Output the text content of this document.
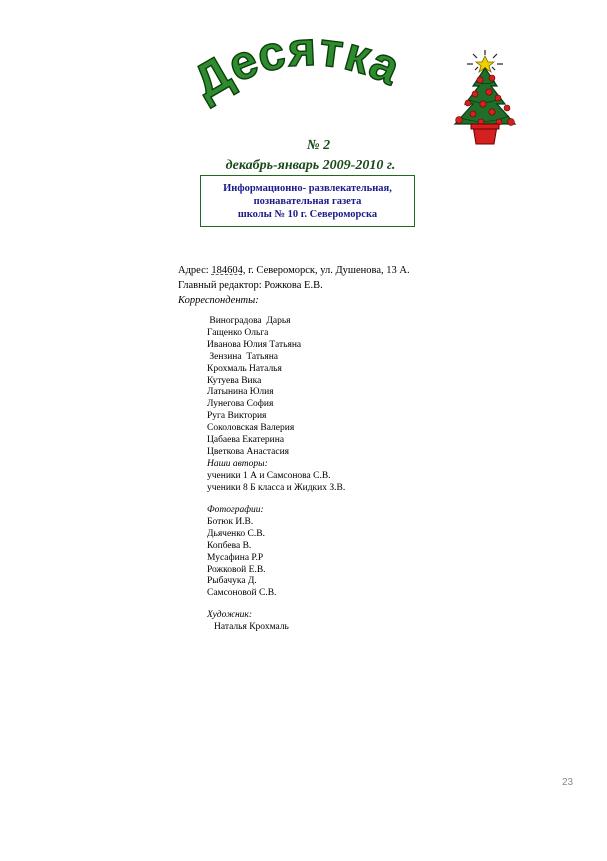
есятка
№ 2
декабрь-январь 2009-2010 г.
Информационно- развлекательная,
познавательная газета
школы № 10 г. Североморска
Адрес: 184604, г. Североморск, ул. Душенова, 13 А.
Главный редактор: Рожкова Е.В.
Корреспонденты:
Виноградова  Дарья
Гащенко Ольга
Иванова Юлия Татьяна
Зензина  Татьяна
Крохмаль Наталья
Кутуева Вика
Латынина Юлия
Лунегова София
Руга Виктория
Соколовская Валерия
Цабаева Екатерина
Цветкова Анастасия
Наши авторы:
ученики 1 А и Самсонова С.В.
ученики 8 Б класса и Жидких З.В.
Фотографии:
Ботюк И.В.
Дьяченко С.В.
Копбева В.
Мусафина Р.Р
Рожковой Е.В.
Рыбачука Д.
Самсоновой С.В.
Художник:
Наталья Крохмаль
23
